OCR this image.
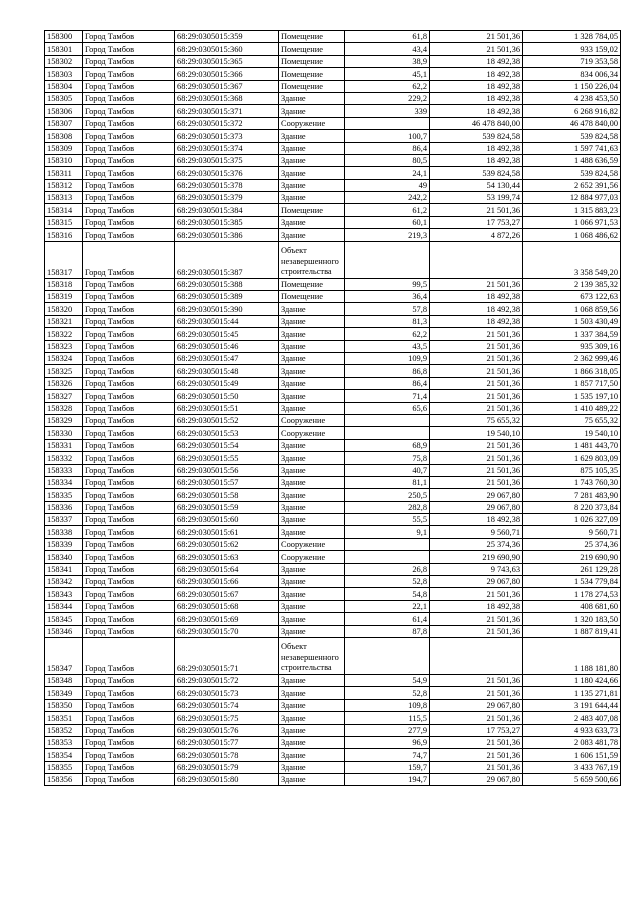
158300	Город Тамбов	68:29:0305015:359	Помещение	61,8	21 501,36	1 328 784,05
158301	Город Тамбов	68:29:0305015:360	Помещение	43,4	21 501,36	933 159,02
158302	Город Тамбов	68:29:0305015:365	Помещение	38,9	18 492,38	719 353,58
158303	Город Тамбов	68:29:0305015:366	Помещение	45,1	18 492,38	834 006,34
158304	Город Тамбов	68:29:0305015:367	Помещение	62,2	18 492,38	1 150 226,04
158305	Город Тамбов	68:29:0305015:368	Здание	229,2	18 492,38	4 238 453,50
158306	Город Тамбов	68:29:0305015:371	Здание	339	18 492,38	6 268 916,82
158307	Город Тамбов	68:29:0305015:372	Сооружение		46 478 840,00	46 478 840,00
158308	Город Тамбов	68:29:0305015:373	Здание	100,7	539 824,58	539 824,58
158309	Город Тамбов	68:29:0305015:374	Здание	86,4	18 492,38	1 597 741,63
158310	Город Тамбов	68:29:0305015:375	Здание	80,5	18 492,38	1 488 636,59
158311	Город Тамбов	68:29:0305015:376	Здание	24,1	539 824,58	539 824,58
158312	Город Тамбов	68:29:0305015:378	Здание	49	54 130,44	2 652 391,56
158313	Город Тамбов	68:29:0305015:379	Здание	242,2	53 199,74	12 884 977,03
158314	Город Тамбов	68:29:0305015:384	Помещение	61,2	21 501,36	1 315 883,23
158315	Город Тамбов	68:29:0305015:385	Здание	60,1	17 753,27	1 066 971,53
158316	Город Тамбов	68:29:0305015:386	Здание	219,3	4 872,26	1 068 486,62
158317	Город Тамбов	68:29:0305015:387	Объект незавершенного строительства			3 358 549,20
158318	Город Тамбов	68:29:0305015:388	Помещение	99,5	21 501,36	2 139 385,32
158319	Город Тамбов	68:29:0305015:389	Помещение	36,4	18 492,38	673 122,63
158320	Город Тамбов	68:29:0305015:390	Здание	57,8	18 492,38	1 068 859,56
158321	Город Тамбов	68:29:0305015:44	Здание	81,3	18 492,38	1 503 430,49
158322	Город Тамбов	68:29:0305015:45	Здание	62,2	21 501,36	1 337 384,59
158323	Город Тамбов	68:29:0305015:46	Здание	43,5	21 501,36	935 309,16
158324	Город Тамбов	68:29:0305015:47	Здание	109,9	21 501,36	2 362 999,46
158325	Город Тамбов	68:29:0305015:48	Здание	86,8	21 501,36	1 866 318,05
158326	Город Тамбов	68:29:0305015:49	Здание	86,4	21 501,36	1 857 717,50
158327	Город Тамбов	68:29:0305015:50	Здание	71,4	21 501,36	1 535 197,10
158328	Город Тамбов	68:29:0305015:51	Здание	65,6	21 501,36	1 410 489,22
158329	Город Тамбов	68:29:0305015:52	Сооружение		75 655,32	75 655,32
158330	Город Тамбов	68:29:0305015:53	Сооружение		19 540,10	19 540,10
158331	Город Тамбов	68:29:0305015:54	Здание	68,9	21 501,36	1 481 443,70
158332	Город Тамбов	68:29:0305015:55	Здание	75,8	21 501,36	1 629 803,09
158333	Город Тамбов	68:29:0305015:56	Здание	40,7	21 501,36	875 105,35
158334	Город Тамбов	68:29:0305015:57	Здание	81,1	21 501,36	1 743 760,30
158335	Город Тамбов	68:29:0305015:58	Здание	250,5	29 067,80	7 281 483,90
158336	Город Тамбов	68:29:0305015:59	Здание	282,8	29 067,80	8 220 373,84
158337	Город Тамбов	68:29:0305015:60	Здание	55,5	18 492,38	1 026 327,09
158338	Город Тамбов	68:29:0305015:61	Здание	9,1	9 560,71	9 560,71
158339	Город Тамбов	68:29:0305015:62	Сооружение		25 374,36	25 374,36
158340	Город Тамбов	68:29:0305015:63	Сооружение		219 690,90	219 690,90
158341	Город Тамбов	68:29:0305015:64	Здание	26,8	9 743,63	261 129,28
158342	Город Тамбов	68:29:0305015:66	Здание	52,8	29 067,80	1 534 779,84
158343	Город Тамбов	68:29:0305015:67	Здание	54,8	21 501,36	1 178 274,53
158344	Город Тамбов	68:29:0305015:68	Здание	22,1	18 492,38	408 681,60
158345	Город Тамбов	68:29:0305015:69	Здание	61,4	21 501,36	1 320 183,50
158346	Город Тамбов	68:29:0305015:70	Здание	87,8	21 501,36	1 887 819,41
158347	Город Тамбов	68:29:0305015:71	Объект незавершенного строительства			1 188 181,80
158348	Город Тамбов	68:29:0305015:72	Здание	54,9	21 501,36	1 180 424,66
158349	Город Тамбов	68:29:0305015:73	Здание	52,8	21 501,36	1 135 271,81
158350	Город Тамбов	68:29:0305015:74	Здание	109,8	29 067,80	3 191 644,44
158351	Город Тамбов	68:29:0305015:75	Здание	115,5	21 501,36	2 483 407,08
158352	Город Тамбов	68:29:0305015:76	Здание	277,9	17 753,27	4 933 633,73
158353	Город Тамбов	68:29:0305015:77	Здание	96,9	21 501,36	2 083 481,78
158354	Город Тамбов	68:29:0305015:78	Здание	74,7	21 501,36	1 606 151,59
158355	Город Тамбов	68:29:0305015:79	Здание	159,7	21 501,36	3 433 767,19
158356	Город Тамбов	68:29:0305015:80	Здание	194,7	29 067,80	5 659 500,66
